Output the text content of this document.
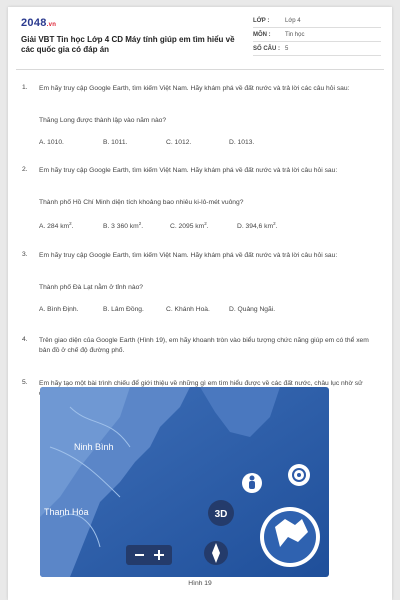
2048.vn
Giải VBT Tin học Lớp 4 CD Máy tính giúp em tìm hiểu về các quốc gia có đáp án
LỚP :	Lớp 4
MÔN : Tin học
SỐ CÂU : 5
1. Em hãy truy cập Google Earth, tìm kiếm Việt Nam. Hãy khám phá về đất nước và trả lời các câu hỏi sau:
Thăng Long được thành lập vào năm nào?
A. 1010.	B. 1011.	C. 1012.	D. 1013.
2. Em hãy truy cập Google Earth, tìm kiếm Việt Nam. Hãy khám phá về đất nước và trả lời câu hỏi sau:
Thành phố Hồ Chí Minh diện tích khoảng bao nhiêu ki-lô-mét vuông?
A. 284 $km^2$.	B. 3 360 $km^2$.	C. 2095 $km^2$.	D. 394,6 $km^2$.
3. Em hãy truy cập Google Earth, tìm kiếm Việt Nam. Hãy khám phá về đất nước và trả lời câu hỏi sau:
Thành phố Đà Lạt nằm ở tỉnh nào?
A. Bình Định.	B. Lâm Đồng.	C. Khánh Hoà.	D. Quảng Ngãi.
4. Trên giao diện của Google Earth (Hình 19), em hãy khoanh tròn vào biểu tượng chức năng giúp em có thể xem bản đồ ở chế độ đường phố.
5. Em hãy tạo một bài trình chiếu để giới thiệu về những gì em tìm hiểu được về các đất nước, châu lục nhờ sử
3D
Ninh Bình
Thanh Hóa
Hình 19
